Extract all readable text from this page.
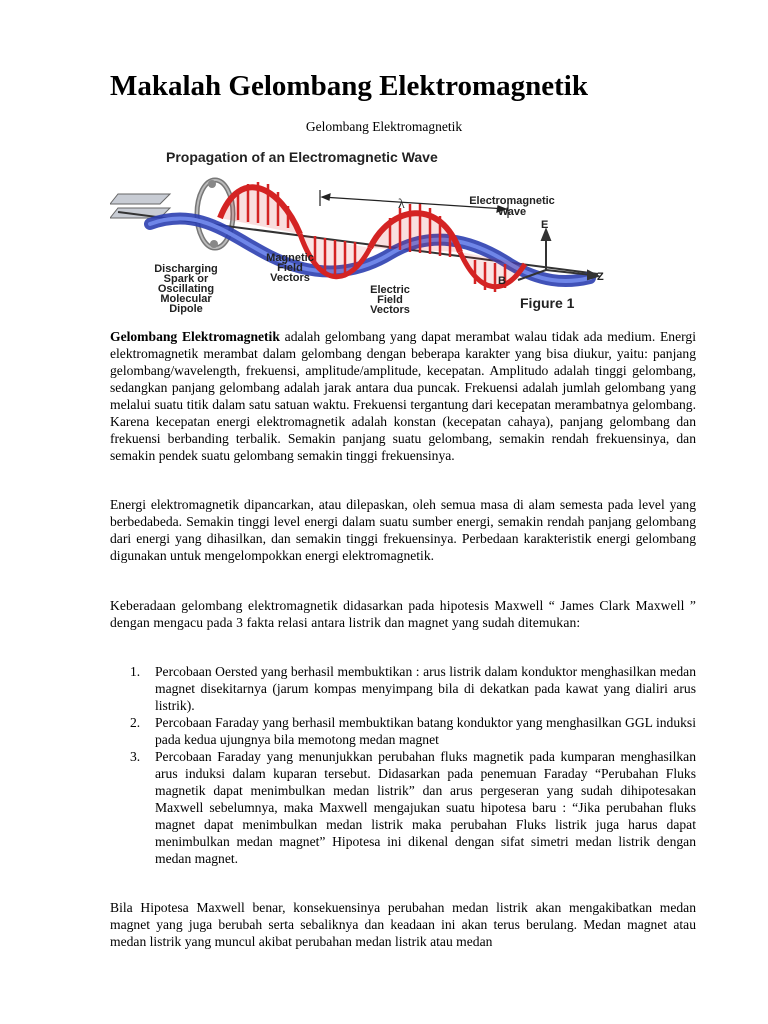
Makalah Gelombang Elektromagnetik
Gelombang Elektromagnetik
Propagation of an Electromagnetic Wave
λ
E
B	Z
Electromagnetic
Wave
Magnetic
Field
Vectors
Electric
Field
Vectors
Discharging
Spark or
Oscillating
Molecular
Dipole	Figure 1
Gelombang Elektromagnetik adalah gelombang yang dapat merambat walau tidak ada medium. Energi elektromagnetik merambat dalam gelombang dengan beberapa karakter yang bisa diukur, yaitu: panjang gelombang/wavelength, frekuensi, amplitude/amplitude, kecepatan. Amplitudo adalah tinggi gelombang, sedangkan panjang gelombang adalah jarak antara dua puncak. Frekuensi adalah jumlah gelombang yang melalui suatu titik dalam satu satuan waktu. Frekuensi tergantung dari kecepatan merambatnya gelombang. Karena kecepatan energi elektromagnetik adalah konstan (kecepatan cahaya), panjang gelombang dan frekuensi berbanding terbalik. Semakin panjang suatu gelombang, semakin rendah frekuensinya, dan semakin pendek suatu gelombang semakin tinggi frekuensinya.
Energi elektromagnetik dipancarkan, atau dilepaskan, oleh semua masa di alam semesta pada level yang berbedabeda. Semakin tinggi level energi dalam suatu sumber energi, semakin rendah panjang gelombang dari energi yang dihasilkan, dan semakin tinggi frekuensinya. Perbedaan karakteristik energi gelombang digunakan untuk mengelompokkan energi elektromagnetik.
Keberadaan gelombang elektromagnetik didasarkan pada hipotesis Maxwell “ James Clark Maxwell ” dengan mengacu pada 3 fakta relasi antara listrik dan magnet yang sudah ditemukan:
1.	Percobaan Oersted yang berhasil membuktikan : arus listrik dalam konduktor menghasilkan medan magnet disekitarnya (jarum kompas menyimpang bila di dekatkan pada kawat yang dialiri arus listrik).
2.	Percobaan Faraday yang berhasil membuktikan batang konduktor yang menghasilkan GGL induksi pada kedua ujungnya bila memotong medan magnet
3.	Percobaan Faraday yang menunjukkan perubahan fluks magnetik pada kumparan menghasilkan arus induksi dalam kuparan tersebut. Didasarkan pada penemuan Faraday “Perubahan Fluks magnetik dapat menimbulkan medan listrik” dan arus pergeseran yang sudah dihipotesakan Maxwell sebelumnya, maka Maxwell mengajukan suatu hipotesa baru : “Jika perubahan fluks magnet dapat menimbulkan medan listrik maka perubahan Fluks listrik juga harus dapat menimbulkan medan magnet” Hipotesa ini dikenal dengan sifat simetri medan listrik dengan medan magnet.
Bila Hipotesa Maxwell benar, konsekuensinya perubahan medan listrik akan mengakibatkan medan magnet yang juga berubah serta sebaliknya dan keadaan ini akan terus berulang. Medan magnet atau medan listrik yang muncul akibat perubahan medan listrik atau medan
